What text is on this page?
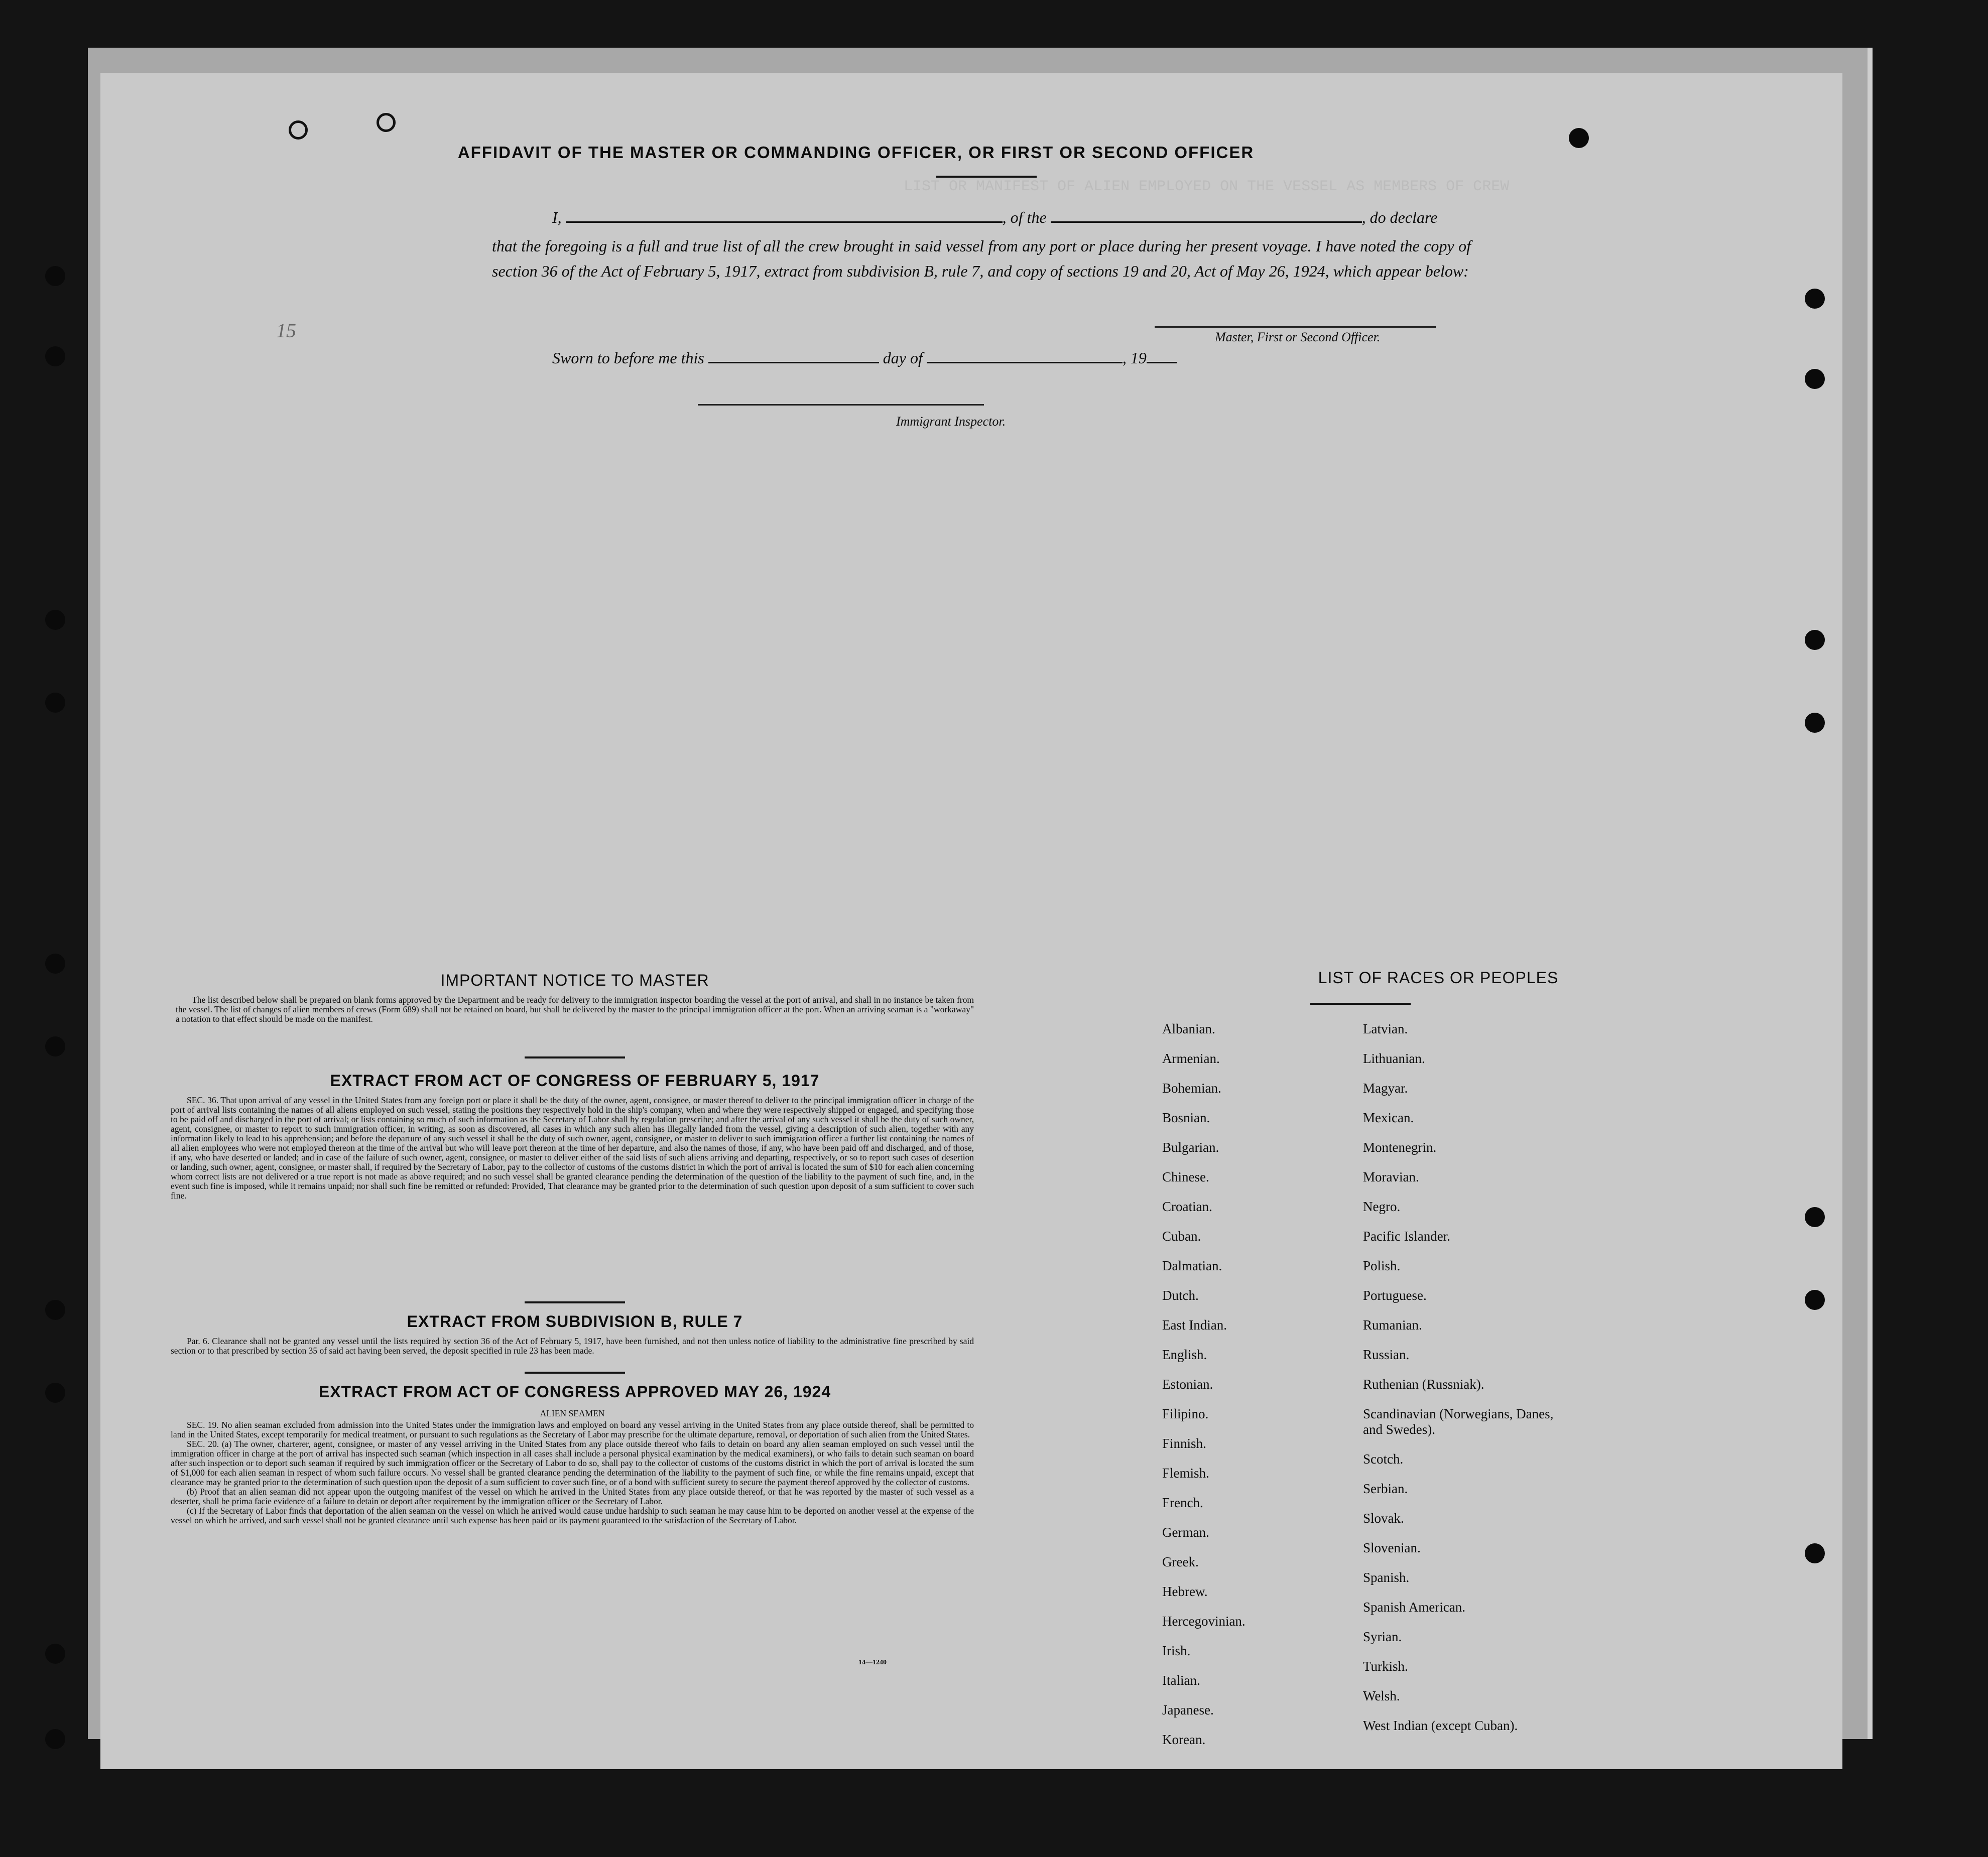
LIST OR MANIFEST OF ALIEN EMPLOYED ON THE VESSEL AS MEMBERS OF CREW
15
AFFIDAVIT OF THE MASTER OR COMMANDING OFFICER, OR FIRST OR SECOND OFFICER
I,	, of the	, do declare
that the foregoing is a full and true list of all the crew brought in said vessel from any port or place during her present voyage. I have noted the copy of section 36 of the Act of February 5, 1917, extract from subdivision B, rule 7, and copy of sections 19 and 20, Act of May 26, 1924, which appear below:
Master, First or Second Officer.
Sworn to before me this	day of	, 19
Immigrant Inspector.
IMPORTANT NOTICE TO MASTER

The list described below shall be prepared on blank forms approved by the Department and be ready for delivery to the immigration inspector boarding the vessel at the port of arrival, and shall in no instance be taken from the vessel. The list of changes of alien members of crews (Form 689) shall not be retained on board, but shall be delivered by the master to the principal immigration officer at the port. When an arriving seaman is a "workaway" a notation to that effect should be made on the manifest.

EXTRACT FROM ACT OF CONGRESS OF FEBRUARY 5, 1917

SEC. 36. That upon arrival of any vessel in the United States from any foreign port or place it shall be the duty of the owner, agent, consignee, or master thereof to deliver to the principal immigration officer in charge of the port of arrival lists containing the names of all aliens employed on such vessel, stating the positions they respectively hold in the ship's company, when and where they were respectively shipped or engaged, and specifying those to be paid off and discharged in the port of arrival; or lists containing so much of such information as the Secretary of Labor shall by regulation prescribe; and after the arrival of any such vessel it shall be the duty of such owner, agent, consignee, or master to report to such immigration officer, in writing, as soon as discovered, all cases in which any such alien has illegally landed from the vessel, giving a description of such alien, together with any information likely to lead to his apprehension; and before the departure of any such vessel it shall be the duty of such owner, agent, consignee, or master to deliver to such immigration officer a further list containing the names of all alien employees who were not employed thereon at the time of the arrival but who will leave port thereon at the time of her departure, and also the names of those, if any, who have been paid off and discharged, and of those, if any, who have deserted or landed; and in case of the failure of such owner, agent, consignee, or master to deliver either of the said lists of such aliens arriving and departing, respectively, or so to report such cases of desertion or landing, such owner, agent, consignee, or master shall, if required by the Secretary of Labor, pay to the collector of customs of the customs district in which the port of arrival is located the sum of $10 for each alien concerning whom correct lists are not delivered or a true report is not made as above required; and no such vessel shall be granted clearance pending the determination of the question of the liability to the payment of such fine, and, in the event such fine is imposed, while it remains unpaid; nor shall such fine be remitted or refunded: Provided, That clearance may be granted prior to the determination of such question upon deposit of a sum sufficient to cover such fine.

EXTRACT FROM SUBDIVISION B, RULE 7

Par. 6. Clearance shall not be granted any vessel until the lists required by section 36 of the Act of February 5, 1917, have been furnished, and not then unless notice of liability to the administrative fine prescribed by said section or to that prescribed by section 35 of said act having been served, the deposit specified in rule 23 has been made.

EXTRACT FROM ACT OF CONGRESS APPROVED MAY 26, 1924

ALIEN SEAMEN

SEC. 19. No alien seaman excluded from admission into the United States under the immigration laws and employed on board any vessel arriving in the United States from any place outside thereof, shall be permitted to land in the United States, except temporarily for medical treatment, or pursuant to such regulations as the Secretary of Labor may prescribe for the ultimate departure, removal, or deportation of such alien from the United States.

SEC. 20. (a) The owner, charterer, agent, consignee, or master of any vessel arriving in the United States from any place outside thereof who fails to detain on board any alien seaman employed on such vessel until the immigration officer in charge at the port of arrival has inspected such seaman (which inspection in all cases shall include a personal physical examination by the medical examiners), or who fails to detain such seaman on board after such inspection or to deport such seaman if required by such immigration officer or the Secretary of Labor to do so, shall pay to the collector of customs of the customs district in which the port of arrival is located the sum of $1,000 for each alien seaman in respect of whom such failure occurs. No vessel shall be granted clearance pending the determination of the liability to the payment of such fine, or while the fine remains unpaid, except that clearance may be granted prior to the determination of such question upon the deposit of a sum sufficient to cover such fine, or of a bond with sufficient surety to secure the payment thereof approved by the collector of customs.

(b) Proof that an alien seaman did not appear upon the outgoing manifest of the vessel on which he arrived in the United States from any place outside thereof, or that he was reported by the master of such vessel as a deserter, shall be prima facie evidence of a failure to detain or deport after requirement by the immigration officer or the Secretary of Labor.

(c) If the Secretary of Labor finds that deportation of the alien seaman on the vessel on which he arrived would cause undue hardship to such seaman he may cause him to be deported on another vessel at the expense of the vessel on which he arrived, and such vessel shall not be granted clearance until such expense has been paid or its payment guaranteed to the satisfaction of the Secretary of Labor.

14—1240
LIST OF RACES OR PEOPLES
Albanian.
Armenian.
Bohemian.
Bosnian.
Bulgarian.
Chinese.
Croatian.
Cuban.
Dalmatian.
Dutch.
East Indian.
English.
Estonian.
Filipino.
Finnish.
Flemish.
French.
German.
Greek.
Hebrew.
Hercegovinian.
Irish.
Italian.
Japanese.
Korean.
Latvian.
Lithuanian.
Magyar.
Mexican.
Montenegrin.
Moravian.
Negro.
Pacific Islander.
Polish.
Portuguese.
Rumanian.
Russian.
Ruthenian (Russniak).
Scandinavian (Norwegians, Danes, and Swedes).
Scotch.
Serbian.
Slovak.
Slovenian.
Spanish.
Spanish American.
Syrian.
Turkish.
Welsh.
West Indian (except Cuban).
